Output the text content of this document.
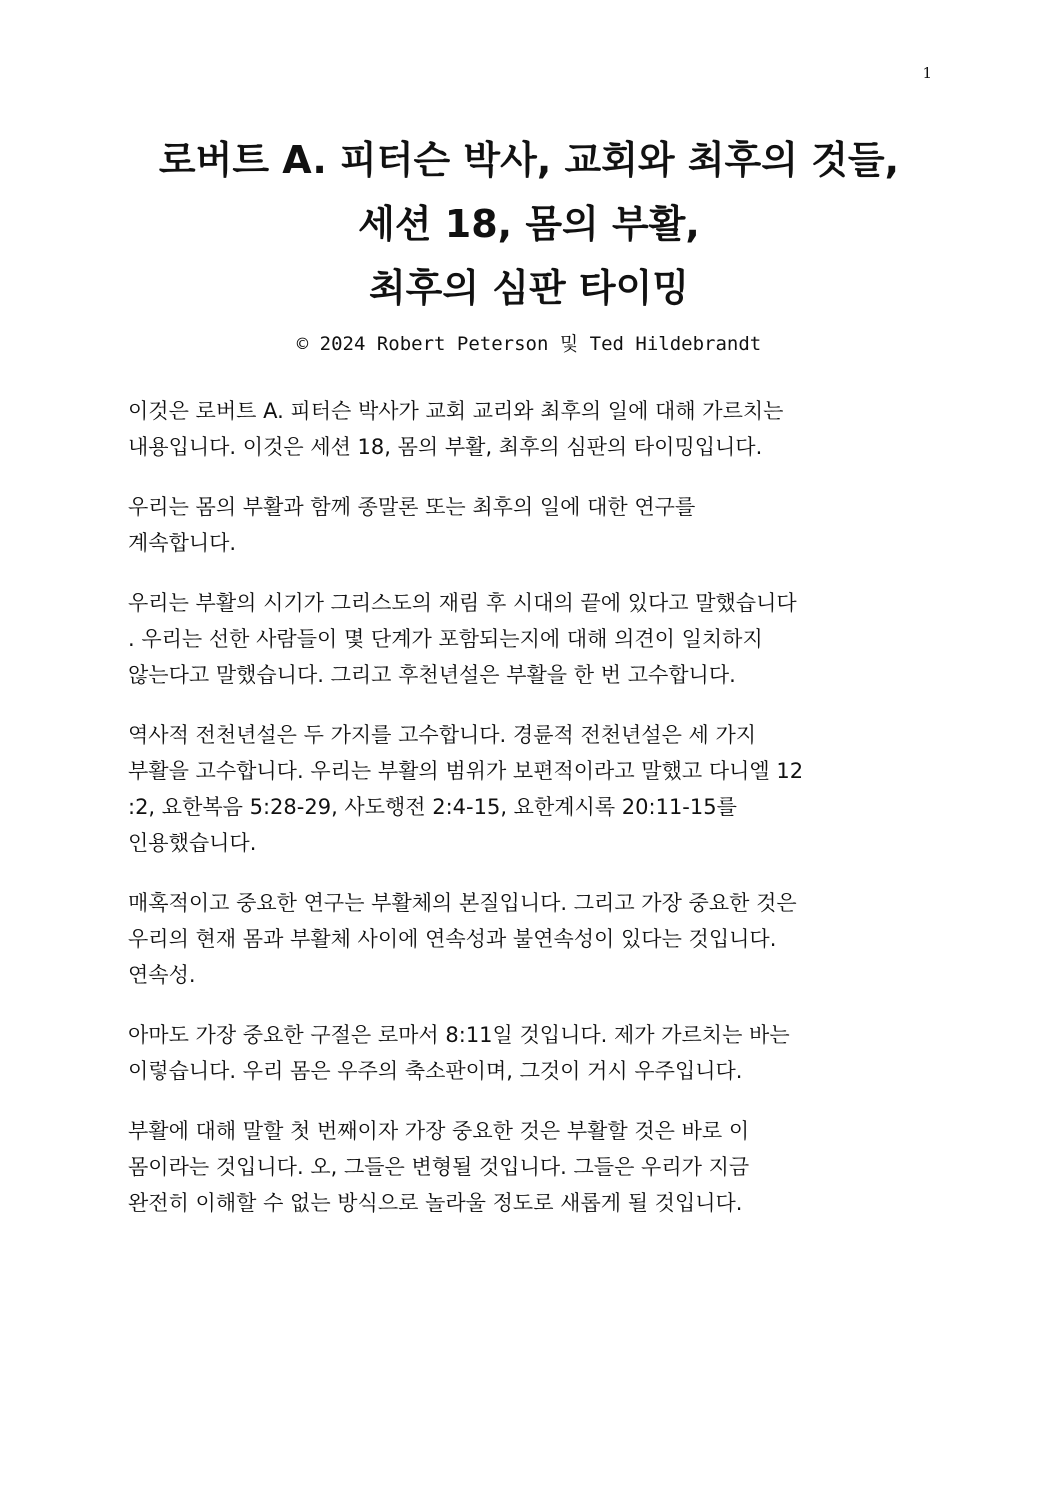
1
로버트 A. 피터슨 박사, 교회와 최후의 것들,
세션 18, 몸의 부활,
최후의 심판 타이밍
© 2024 Robert Peterson 및 Ted Hildebrandt

이것은 로버트 A. 피터슨 박사가 교회 교리와 최후의 일에 대해 가르치는
내용입니다. 이것은 세션 18, 몸의 부활, 최후의 심판의 타이밍입니다.

우리는 몸의 부활과 함께 종말론 또는 최후의 일에 대한 연구를
계속합니다.

우리는 부활의 시기가 그리스도의 재림 후 시대의 끝에 있다고 말했습니다
. 우리는 선한 사람들이 몇 단계가 포함되는지에 대해 의견이 일치하지
않는다고 말했습니다. 그리고 후천년설은 부활을 한 번 고수합니다.

역사적 전천년설은 두 가지를 고수합니다. 경륜적 전천년설은 세 가지
부활을 고수합니다. 우리는 부활의 범위가 보편적이라고 말했고 다니엘 12
:2, 요한복음 5:28-29, 사도행전 2:4-15, 요한계시록 20:11-15를
인용했습니다.

매혹적이고 중요한 연구는 부활체의 본질입니다. 그리고 가장 중요한 것은
우리의 현재 몸과 부활체 사이에 연속성과 불연속성이 있다는 것입니다.
연속성.

아마도 가장 중요한 구절은 로마서 8:11일 것입니다. 제가 가르치는 바는
이렇습니다. 우리 몸은 우주의 축소판이며, 그것이 거시 우주입니다.

부활에 대해 말할 첫 번째이자 가장 중요한 것은 부활할 것은 바로 이
몸이라는 것입니다. 오, 그들은 변형될 것입니다. 그들은 우리가 지금
완전히 이해할 수 없는 방식으로 놀라울 정도로 새롭게 될 것입니다.
